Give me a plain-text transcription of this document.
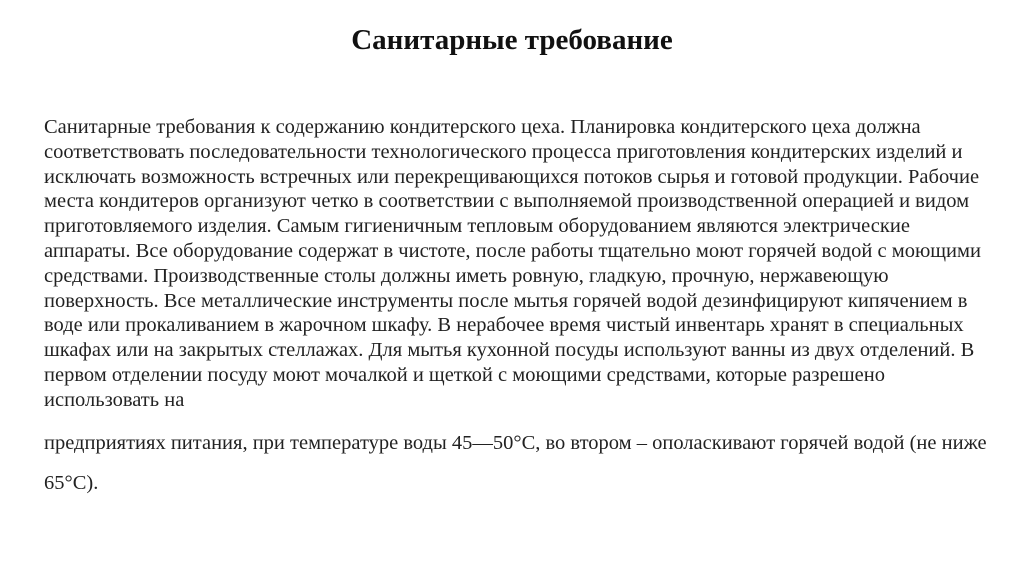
Санитарные требование
Санитарные требования к содержанию кондитерского цеха. Планировка кондитерского цеха должна соответствовать последовательности технологического процесса приготовления кондитерских изделий и исключать возможность встречных или перекрещивающихся потоков сырья и готовой продукции. Рабочие места кондитеров организуют четко в соответствии с выполняемой производственной операцией и видом приготовляемого изделия. Самым гигиеничным тепловым оборудованием являются электрические аппараты. Все оборудование содержат в чистоте, после работы тщательно моют горячей водой с моющими средствами. Производственные столы должны иметь ровную, гладкую, прочную, нержавеющую поверхность. Все металлические инструменты после мытья горячей водой дезинфицируют кипячением в воде или прокаливанием в жарочном шкафу. В нерабочее время чистый инвентарь хранят в специальных шкафах или на закрытых стеллажах. Для мытья кухонной посуды используют ванны из двух отделений. В первом отделении посуду моют мочалкой и щеткой с моющими средствами, которые разрешено использовать на
предприятиях питания, при температуре воды 45—50°С, во втором – ополаскивают горячей водой (не ниже 65°С).
